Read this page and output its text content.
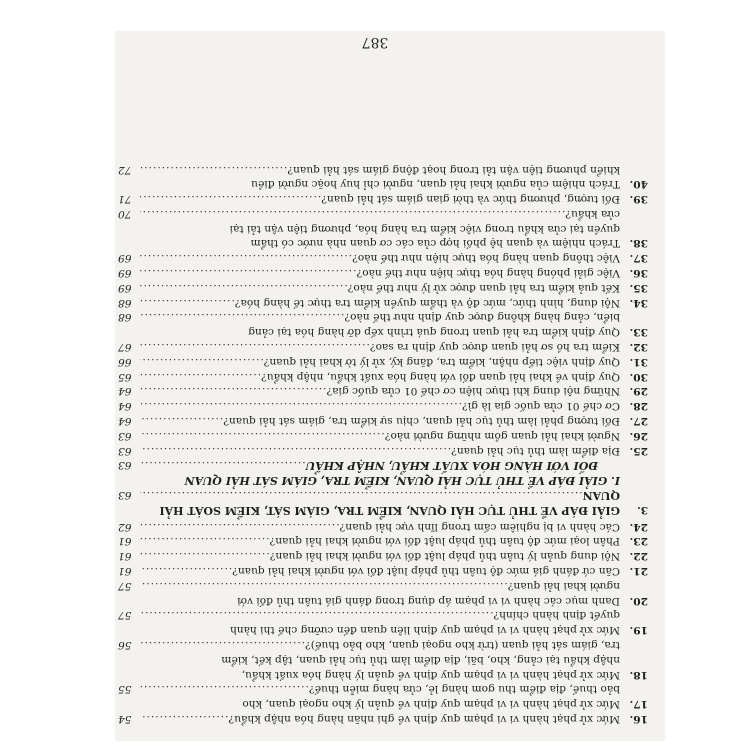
16.
Mức xử phạt hành vi vi phạm quy định về ghi nhãn hàng hóa nhập khẩu?
.....
54
17.
Mức xử phạt hành vi vi phạm quy định về quản lý kho ngoại quan, kho
bảo thuế, địa điểm thu gom hàng lẻ, cửa hàng miễn thuế?
.....
55
18.
Mức xử phạt hành vi vi phạm quy định về quản lý hàng hóa xuất khẩu,
nhập khẩu tại cảng, kho, bãi, địa điểm làm thủ tục hải quan, tập kết, kiểm
tra, giám sát hải quan (trừ kho ngoại quan, kho bảo thuế)?
.....
56
19.
Mức xử phạt hành vi vi phạm quy định liên quan đến cưỡng chế thi hành
quyết định hành chính?
.....
57
20.
Danh mục các hành vi vi phạm áp dụng trong đánh giá tuân thủ đối với
người khai hải quan?
.....
57
21.
Căn cứ đánh giá mức độ tuân thủ pháp luật đối với người khai hải quan?
.....
61
22.
Nội dung quản lý tuân thủ pháp luật đối với người khai hải quan?
.....
61
23.
Phân loại mức độ tuân thủ pháp luật đối với người khai hải quan?
.....
61
24.
Các hành vi bị nghiêm cấm trong lĩnh vực hải quan?
.....
62
3.
GIẢI ĐÁP VỀ THỦ TỤC HẢI QUAN, KIỂM TRA, GIÁM SÁT, KIỂM SOÁT HẢI
QUAN
.....
63
I. GIẢI ĐÁP VỀ THỦ TỤC HẢI QUAN, KIỂM TRA, GIÁM SÁT HẢI QUAN
ĐỐI VỚI HÀNG HÓA XUẤT KHẨU, NHẬP KHẨU
.....
63
25.
Địa điểm làm thủ tục hải quan?
.....
63
26.
Người khai hải quan gồm những người nào?
.....
63
27.
Đối tượng phải làm thủ tục hải quan, chịu sự kiểm tra, giám sát hải quan?
.....
64
28.
Cơ chế 01 cửa quốc gia là gì?
.....
64
29.
Những nội dung khi thực hiện cơ chế 01 cửa quốc gia?
.....
64
30.
Quy định về khai hải quan đối với hàng hóa xuất khẩu, nhập khẩu?
.....
65
31.
Quy định việc tiếp nhận, kiểm tra, đăng ký, xử lý tờ khai hải quan?
.....
66
32.
Kiểm tra hồ sơ hải quan được quy định ra sao?
.....
67
33.
Quy định kiểm tra hải quan trong quá trình xếp dỡ hàng hóa tại cảng
biển, cảng hàng không được quy định như thế nào?
.....
68
34.
Nội dung, hình thức, mức độ và thẩm quyền kiểm tra thực tế hàng hóa?
.....
68
35.
Kết quả kiểm tra hải quan được xử lý như thế nào?
.....
69
36.
Việc giải phóng hàng hóa thực hiện như thế nào?
.....
69
37.
Việc thông quan hàng hóa thực hiện như thế nào?
.....
69
38.
Trách nhiệm và quan hệ phối hợp của các cơ quan nhà nước có thẩm
quyền tại cửa khẩu trong việc kiểm tra hàng hóa, phương tiện vận tải tại
cửa khẩu?
.....
70
39.
Đối tượng, phương thức và thời gian giám sát hải quan?
.....
71
40.
Trách nhiệm của người khai hải quan, người chỉ huy hoặc người điều
khiển phương tiện vận tải trong hoạt động giám sát hải quan?
.....
72
387
